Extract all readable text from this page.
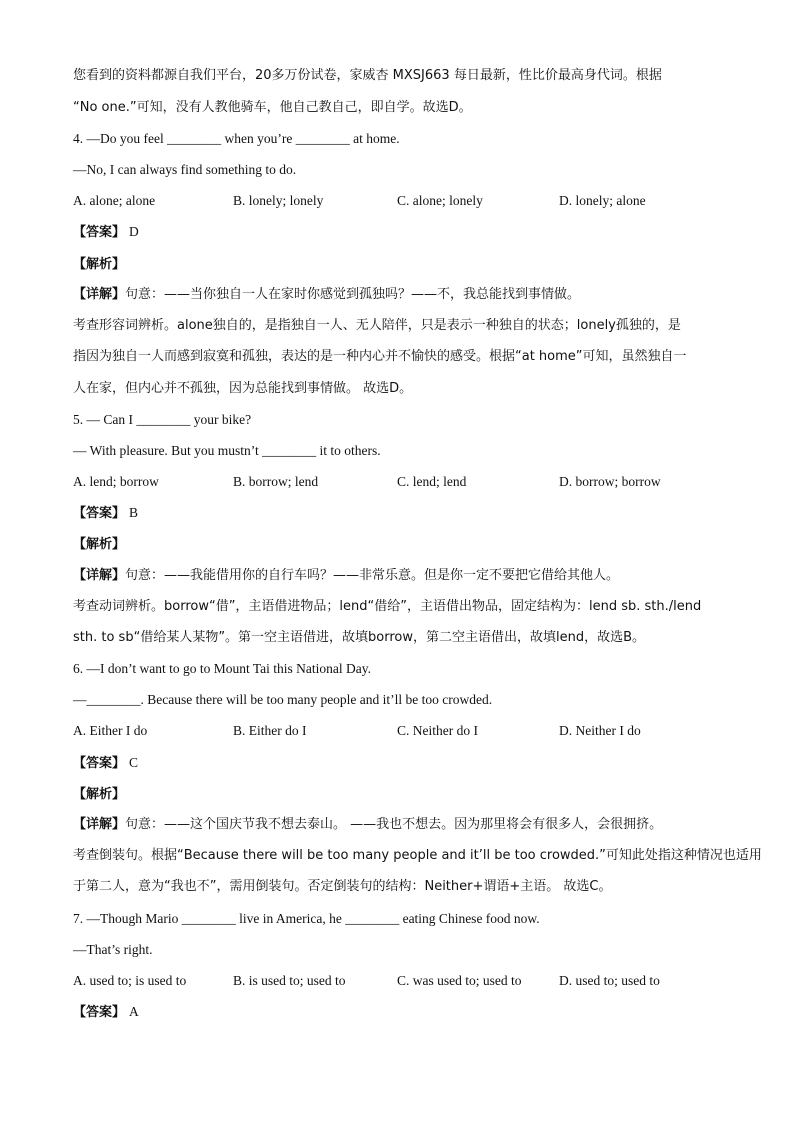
您看到的资料都源自我们平台，20多万份试卷，家威杏 MXSJ663 每日最新，性比价最高身代词。根据
“No one.”可知，没有人教他骑车，他自己教自己，即自学。故选D。
4. —Do you feel ________ when you’re ________ at home.
—No, I can always find something to do.
A. alone; alone	B. lonely; lonely	C. alone; lonely	D. lonely; alone
【答案】 D
【解析】
【详解】句意：——当你独自一人在家时你感觉到孤独吗？——不，我总能找到事情做。
考查形容词辨析。alone独自的，是指独自一人、无人陪伴，只是表示一种独自的状态；lonely孤独的，是
指因为独自一人而感到寂寞和孤独，表达的是一种内心并不愉快的感受。根据“at home”可知，虽然独自一
人在家，但内心并不孤独，因为总能找到事情做。 故选D。
5. — Can I ________ your bike?
— With pleasure. But you mustn’t ________ it to others.
A. lend; borrow	B. borrow; lend	C. lend; lend	D. borrow; borrow
【答案】 B
【解析】
【详解】句意：——我能借用你的自行车吗？——非常乐意。但是你一定不要把它借给其他人。
考查动词辨析。borrow“借”，主语借进物品；lend“借给”，主语借出物品，固定结构为：lend sb. sth./lend
sth. to sb“借给某人某物”。第一空主语借进，故填borrow，第二空主语借出，故填lend，故选B。
6. —I don’t want to go to Mount Tai this National Day.
—________. Because there will be too many people and it’ll be too crowded.
A. Either I do	B. Either do I	C. Neither do I	D. Neither I do
【答案】 C
【解析】
【详解】句意：——这个国庆节我不想去泰山。 ——我也不想去。因为那里将会有很多人，会很拥挤。
考查倒装句。根据“Because there will be too many people and it’ll be too crowded.”可知此处指这种情况也适用
于第二人，意为“我也不”，需用倒装句。否定倒装句的结构：Neither+谓语+主语。 故选C。
7. —Though Mario ________ live in America, he ________ eating Chinese food now.
—That’s right.
A. used to; is used to	B. is used to; used to	C. was used to; used to	D. used to; used to
【答案】 A
